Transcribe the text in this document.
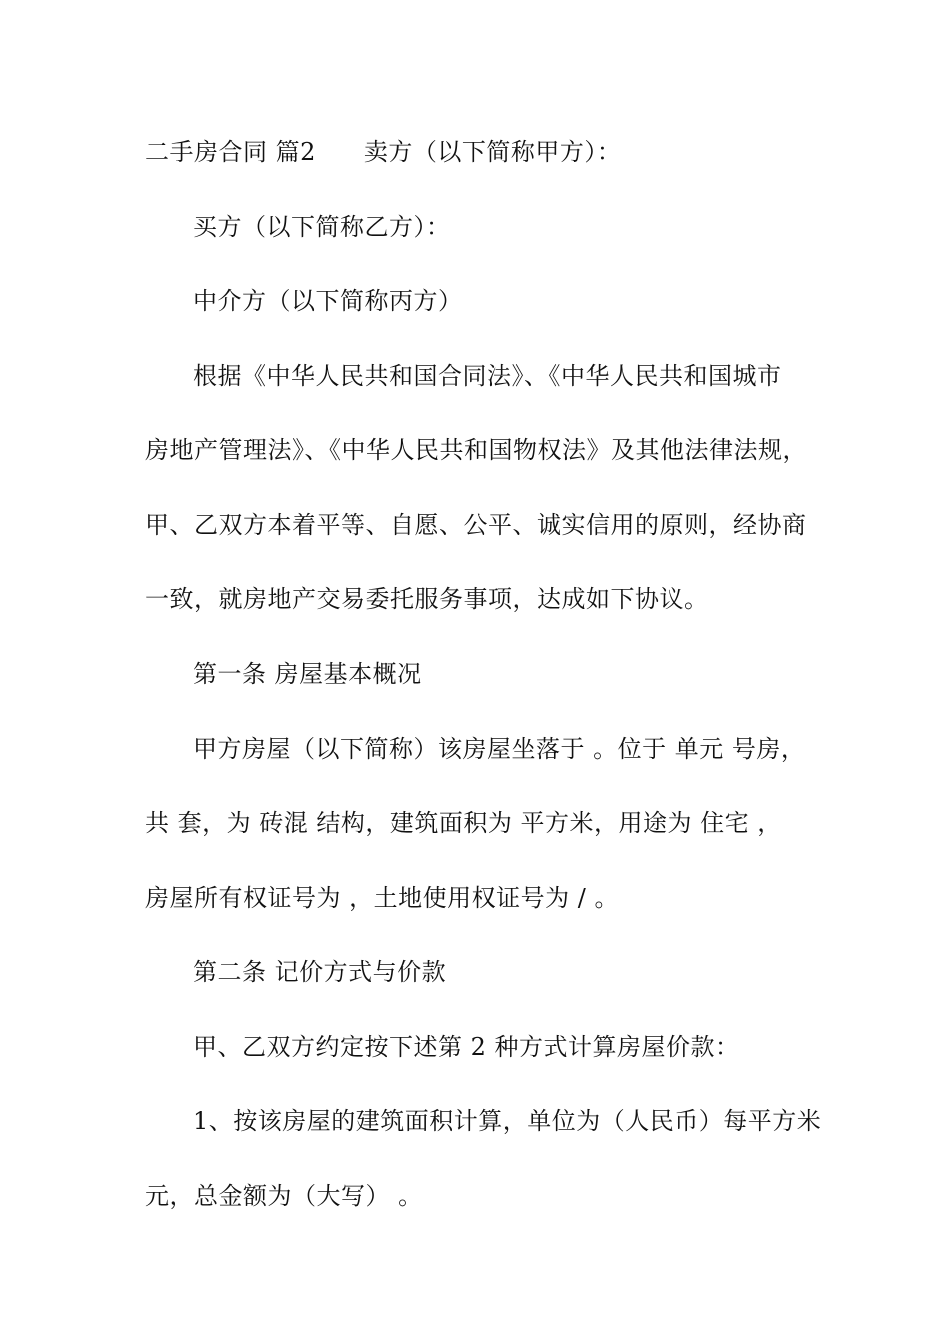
二手房合同 篇2 卖方（以下简称甲方）：
买方（以下简称乙方）：
中介方（以下简称丙方）
根据《中华人民共和国合同法》、《中华人民共和国城市
房地产管理法》、《中华人民共和国物权法》及其他法律法规，
甲、乙双方本着平等、自愿、公平、诚实信用的原则，经协商
一致，就房地产交易委托服务事项，达成如下协议。
第一条 房屋基本概况
甲方房屋（以下简称）该房屋坐落于 。位于 单元 号房，
共 套，为 砖混 结构，建筑面积为 平方米，用途为 住宅 ，
房屋所有权证号为 ，土地使用权证号为 / 。
第二条 记价方式与价款
甲、乙双方约定按下述第 2 种方式计算房屋价款：
1、按该房屋的建筑面积计算，单位为（人民币）每平方米
元，总金额为（大写） 。
